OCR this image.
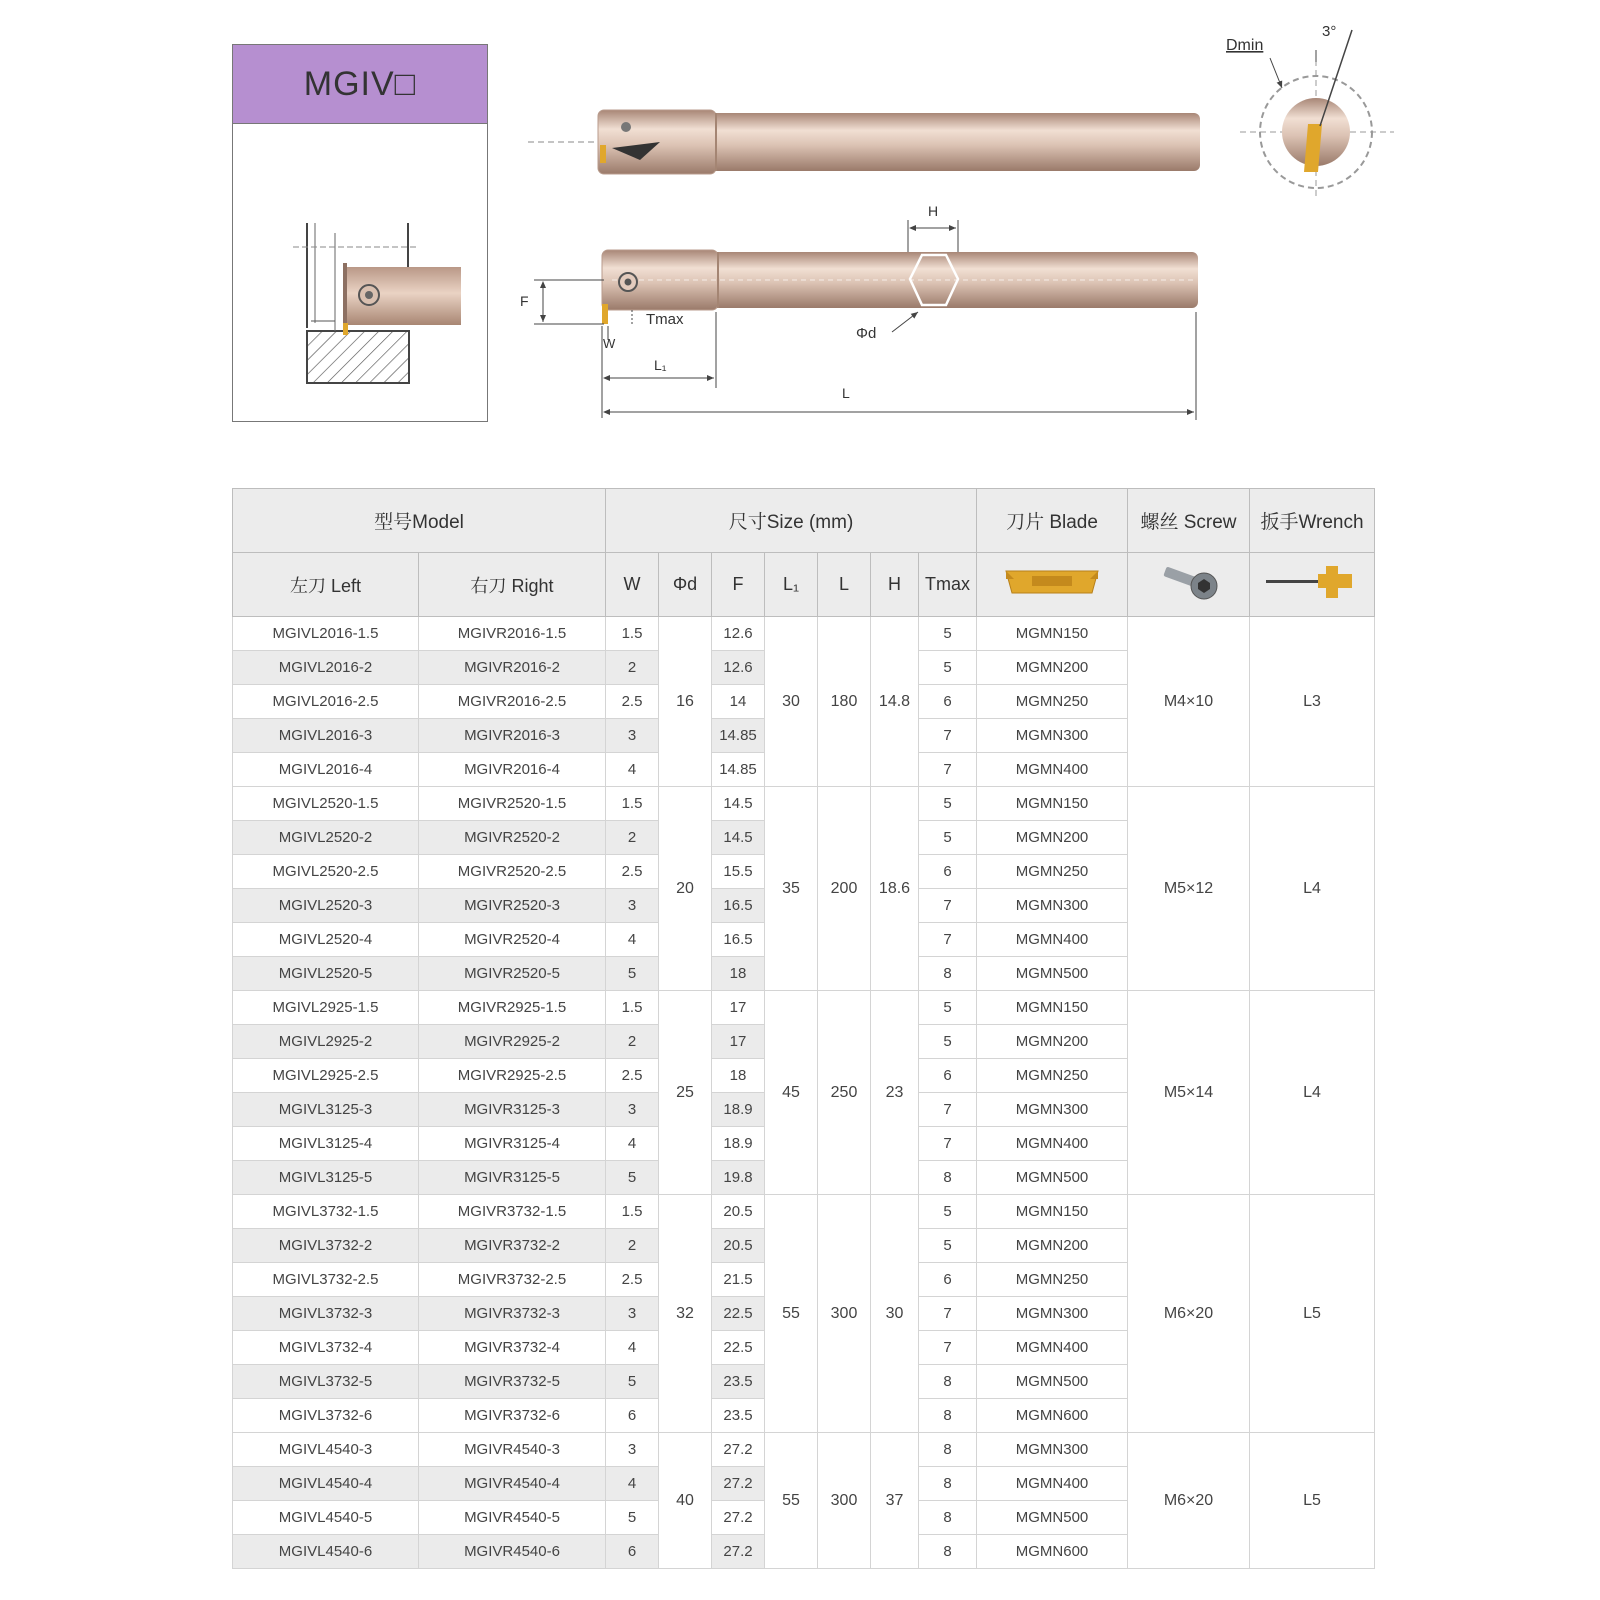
MGIV□
Dmin
3°
H
F
Tmax
W
Φd
L₁
L
型号Model		尺寸Size (mm)							刀片 Blade	螺丝 Screw	扳手Wrench
左刀 Left	右刀 Right	W	Φd	F	L₁	L	H	Tmax			
MGIVL2016-1.5	MGIVR2016-1.5	1.5	16	12.6	30	180	14.8	5	MGMN150	M4×10	L3
MGIVL2016-2	MGIVR2016-2	2		12.6				5	MGMN200		
MGIVL2016-2.5	MGIVR2016-2.5	2.5		14				6	MGMN250		
MGIVL2016-3	MGIVR2016-3	3		14.85				7	MGMN300		
MGIVL2016-4	MGIVR2016-4	4		14.85				7	MGMN400		
MGIVL2520-1.5	MGIVR2520-1.5	1.5	20	14.5	35	200	18.6	5	MGMN150	M5×12	L4
MGIVL2520-2	MGIVR2520-2	2		14.5				5	MGMN200		
MGIVL2520-2.5	MGIVR2520-2.5	2.5		15.5				6	MGMN250		
MGIVL2520-3	MGIVR2520-3	3		16.5				7	MGMN300		
MGIVL2520-4	MGIVR2520-4	4		16.5				7	MGMN400		
MGIVL2520-5	MGIVR2520-5	5		18				8	MGMN500		
MGIVL2925-1.5	MGIVR2925-1.5	1.5	25	17	45	250	23	5	MGMN150	M5×14	L4
MGIVL2925-2	MGIVR2925-2	2		17				5	MGMN200		
MGIVL2925-2.5	MGIVR2925-2.5	2.5		18				6	MGMN250		
MGIVL3125-3	MGIVR3125-3	3		18.9				7	MGMN300		
MGIVL3125-4	MGIVR3125-4	4		18.9				7	MGMN400		
MGIVL3125-5	MGIVR3125-5	5		19.8				8	MGMN500		
MGIVL3732-1.5	MGIVR3732-1.5	1.5	32	20.5	55	300	30	5	MGMN150	M6×20	L5
MGIVL3732-2	MGIVR3732-2	2		20.5				5	MGMN200		
MGIVL3732-2.5	MGIVR3732-2.5	2.5		21.5				6	MGMN250		
MGIVL3732-3	MGIVR3732-3	3		22.5				7	MGMN300		
MGIVL3732-4	MGIVR3732-4	4		22.5				7	MGMN400		
MGIVL3732-5	MGIVR3732-5	5		23.5				8	MGMN500		
MGIVL3732-6	MGIVR3732-6	6		23.5				8	MGMN600		
MGIVL4540-3	MGIVR4540-3	3	40	27.2	55	300	37	8	MGMN300	M6×20	L5
MGIVL4540-4	MGIVR4540-4	4		27.2				8	MGMN400		
MGIVL4540-5	MGIVR4540-5	5		27.2				8	MGMN500		
MGIVL4540-6	MGIVR4540-6	6		27.2				8	MGMN600		
